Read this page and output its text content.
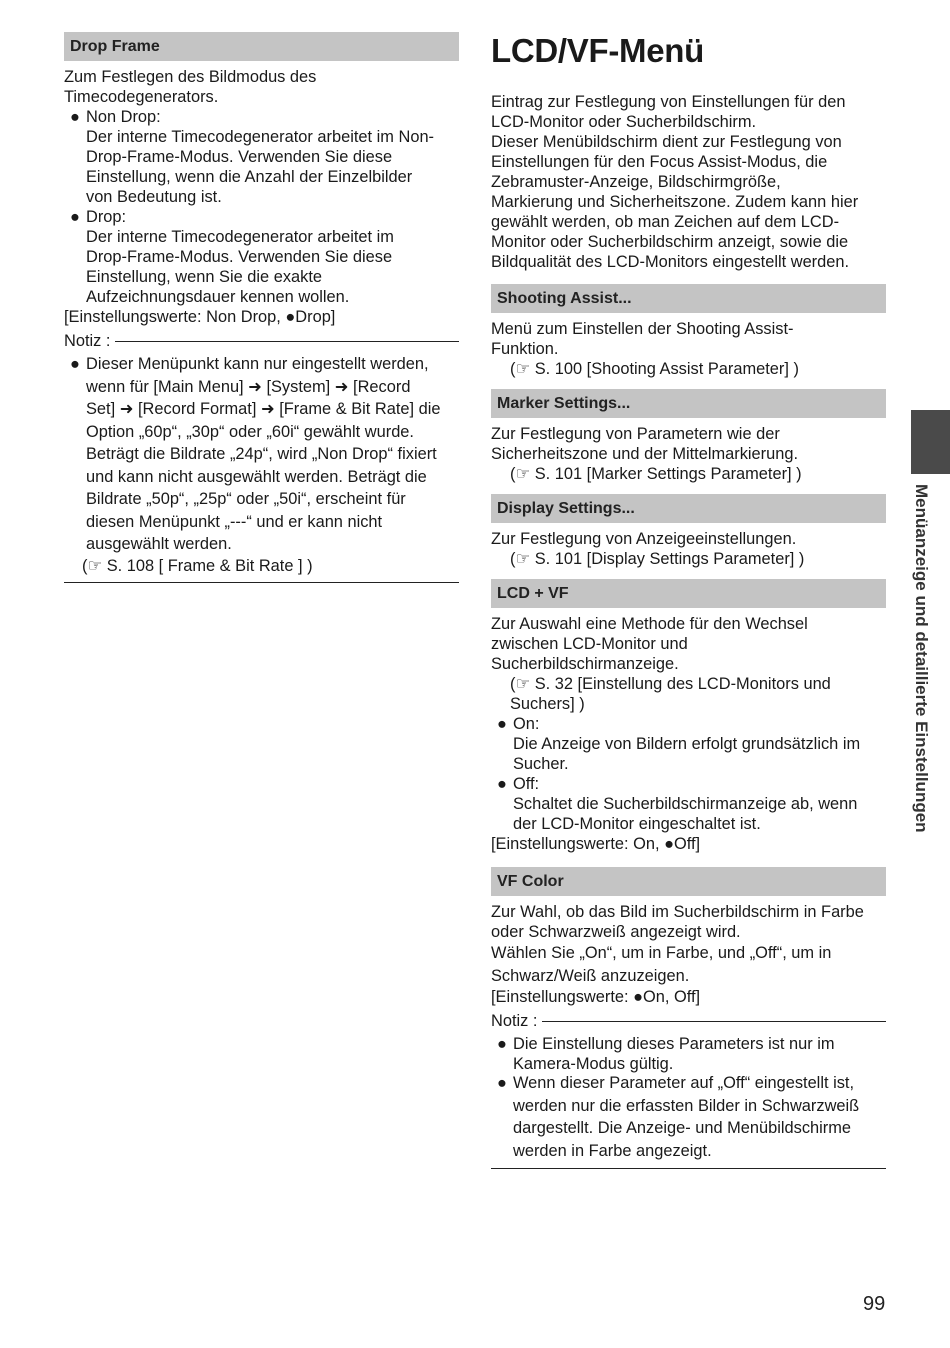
Drop Frame

Zum Festlegen des Bildmodus des

Timecodegenerators.

● Non Drop:

Der interne Timecodegenerator arbeitet im Non-

Drop-Frame-Modus. Verwenden Sie diese

Einstellung, wenn die Anzahl der Einzelbilder

von Bedeutung ist.

● Drop:

Der interne Timecodegenerator arbeitet im

Drop-Frame-Modus. Verwenden Sie diese

Einstellung, wenn Sie die exakte

Aufzeichnungsdauer kennen wollen.

[Einstellungswerte: Non Drop, ●Drop]

Notiz :
● Dieser Menüpunkt kann nur eingestellt werden,

wenn für [Main Menu] ➜ [System] ➜ [Record

Set] ➜ [Record Format] ➜ [Frame & Bit Rate] die

Option „60p“, „30p“ oder „60i“ gewählt wurde.

Beträgt die Bildrate „24p“, wird „Non Drop“ fixiert

und kann nicht ausgewählt werden. Beträgt die

Bildrate „50p“, „25p“ oder „50i“, erscheint für

diesen Menüpunkt „---“ und er kann nicht

ausgewählt werden.

(☞ S. 108 [ Frame & Bit Rate ] )

LCD/VF-Menü

Eintrag zur Festlegung von Einstellungen für den

LCD-Monitor oder Sucherbildschirm.

Dieser Menübildschirm dient zur Festlegung von

Einstellungen für den Focus Assist-Modus, die

Zebramuster-Anzeige, Bildschirmgröße,

Markierung und Sicherheitszone. Zudem kann hier

gewählt werden, ob man Zeichen auf dem LCD-

Monitor oder Sucherbildschirm anzeigt, sowie die

Bildqualität des LCD-Monitors eingestellt werden.

Shooting Assist...

Menü zum Einstellen der Shooting Assist-

Funktion.

(☞ S. 100 [Shooting Assist Parameter] )

Marker Settings...

Zur Festlegung von Parametern wie der

Sicherheitszone und der Mittelmarkierung.

(☞ S. 101 [Marker Settings Parameter] )

Display Settings...

Zur Festlegung von Anzeigeeinstellungen.

(☞ S. 101 [Display Settings Parameter] )

LCD + VF

Zur Auswahl eine Methode für den Wechsel

zwischen LCD-Monitor und

Sucherbildschirmanzeige.

(☞ S. 32 [Einstellung des LCD-Monitors und

Suchers] )

● On:

Die Anzeige von Bildern erfolgt grundsätzlich im

Sucher.

● Off:

Schaltet die Sucherbildschirmanzeige ab, wenn

der LCD-Monitor eingeschaltet ist.

[Einstellungswerte: On, ●Off]

VF Color

Zur Wahl, ob das Bild im Sucherbildschirm in Farbe

oder Schwarzweiß angezeigt wird.

Wählen Sie „On“, um in Farbe, und „Off“, um in

Schwarz/Weiß anzuzeigen.

[Einstellungswerte: ●On, Off]

Notiz :
● Die Einstellung dieses Parameters ist nur im

Kamera-Modus gültig.

● Wenn dieser Parameter auf „Off“ eingestellt ist,

werden nur die erfassten Bilder in Schwarzweiß

dargestellt. Die Anzeige- und Menübildschirme

werden in Farbe angezeigt.

Menüanzeige und detaillierte Einstellungen
99
